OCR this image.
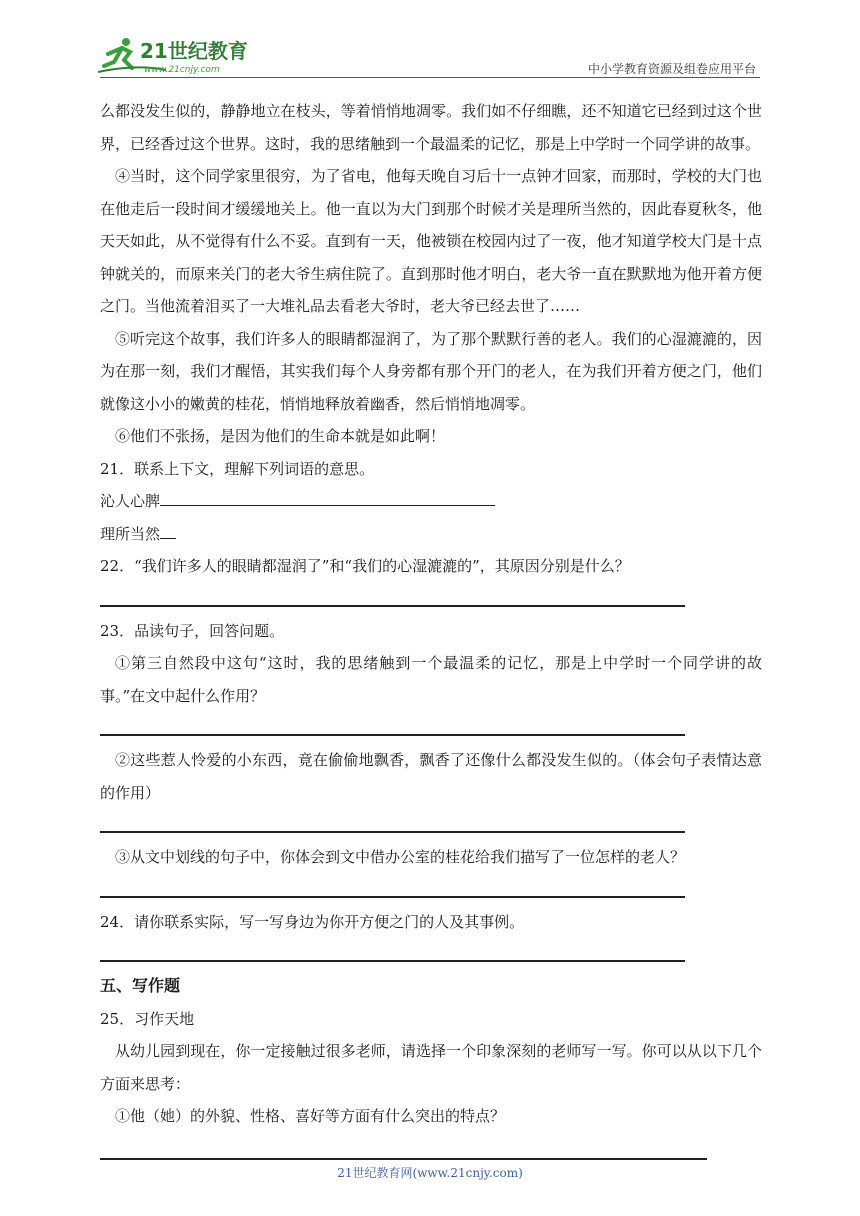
21世纪教育
www.21cnjy.com	中小学教育资源及组卷应用平台

么都没发生似的，静静地立在枝头，等着悄悄地凋零。我们如不仔细瞧，还不知道它已经到过这个世界，已经香过这个世界。这时，我的思绪触到一个最温柔的记忆，那是上中学时一个同学讲的故事。

④当时，这个同学家里很穷，为了省电，他每天晚自习后十一点钟才回家，而那时，学校的大门也在他走后一段时间才缓缓地关上。他一直以为大门到那个时候才关是理所当然的，因此春夏秋冬，他天天如此，从不觉得有什么不妥。直到有一天，他被锁在校园内过了一夜，他才知道学校大门是十点钟就关的，而原来关门的老大爷生病住院了。直到那时他才明白，老大爷一直在默默地为他开着方便之门。当他流着泪买了一大堆礼品去看老大爷时，老大爷已经去世了……

⑤听完这个故事，我们许多人的眼睛都湿润了，为了那个默默行善的老人。我们的心湿漉漉的，因为在那一刻，我们才醒悟，其实我们每个人身旁都有那个开门的老人，在为我们开着方便之门，他们就像这小小的嫩黄的桂花，悄悄地释放着幽香，然后悄悄地凋零。

⑥他们不张扬，是因为他们的生命本就是如此啊！

21．联系上下文，理解下列词语的意思。

沁人心脾

理所当然

22．“我们许多人的眼睛都湿润了”和“我们的心湿漉漉的”，其原因分别是什么？

23．品读句子，回答问题。

①第三自然段中这句“这时，我的思绪触到一个最温柔的记忆，那是上中学时一个同学讲的故事。”在文中起什么作用？

②这些惹人怜爱的小东西，竟在偷偷地飘香，飘香了还像什么都没发生似的。（体会句子表情达意的作用）

③从文中划线的句子中，你体会到文中借办公室的桂花给我们描写了一位怎样的老人？

24．请你联系实际，写一写身边为你开方便之门的人及其事例。

五、写作题

25．习作天地

从幼儿园到现在，你一定接触过很多老师，请选择一个印象深刻的老师写一写。你可以从以下几个方面来思考：

①他（她）的外貌、性格、喜好等方面有什么突出的特点？

21世纪教育网(www.21cnjy.com)
